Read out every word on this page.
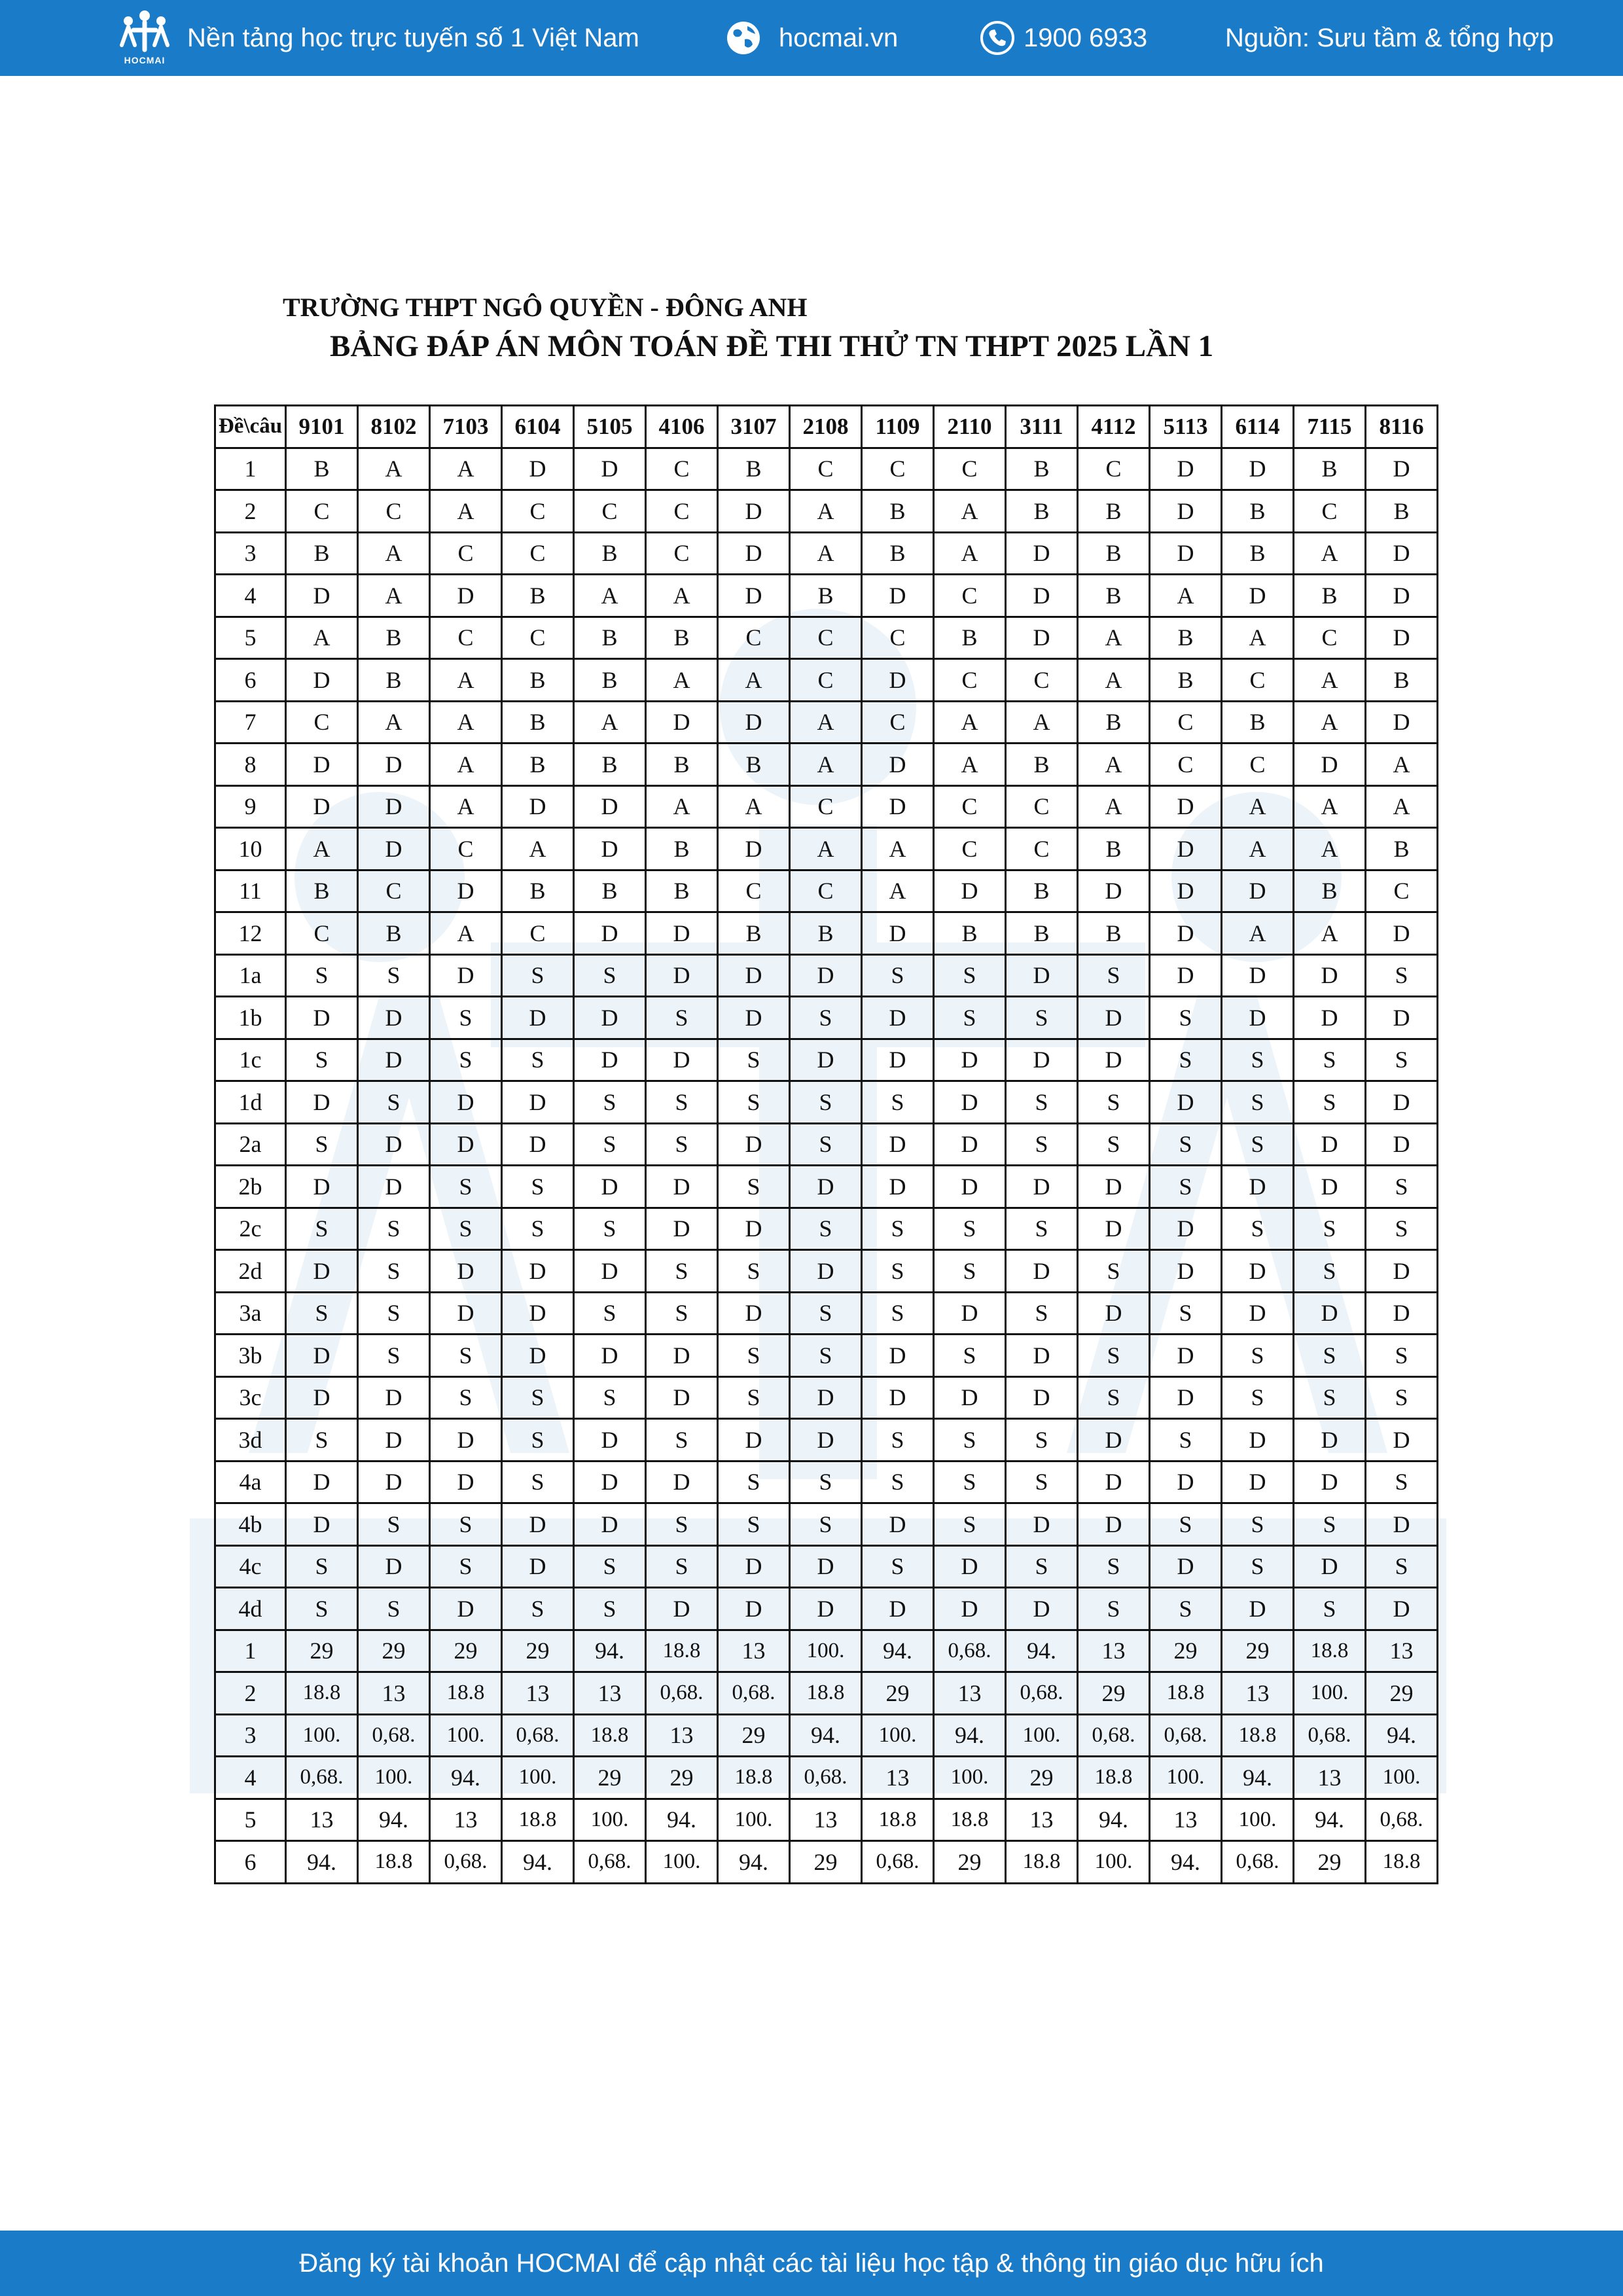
HOCMAI
Nền tảng học trực tuyến số 1 Việt Nam	hocmai.vn	1900 6933	Nguồn: Sưu tầm & tổng hợp
TRƯỜNG THPT NGÔ QUYỀN - ĐÔNG ANH
BẢNG ĐÁP ÁN MÔN TOÁN ĐỀ THI THỬ TN THPT 2025 LẦN 1
Đề\câu	9101	8102	7103	6104	5105	4106	3107	2108	1109	2110	3111	4112	5113	6114	7115	8116
1	B	A	A	D	D	C	B	C	C	C	B	C	D	D	B	D
2	C	C	A	C	C	C	D	A	B	A	B	B	D	B	C	B
3	B	A	C	C	B	C	D	A	B	A	D	B	D	B	A	D
4	D	A	D	B	A	A	D	B	D	C	D	B	A	D	B	D
5	A	B	C	C	B	B	C	C	C	B	D	A	B	A	C	D
6	D	B	A	B	B	A	A	C	D	C	C	A	B	C	A	B
7	C	A	A	B	A	D	D	A	C	A	A	B	C	B	A	D
8	D	D	A	B	B	B	B	A	D	A	B	A	C	C	D	A
9	D	D	A	D	D	A	A	C	D	C	C	A	D	A	A	A
10	A	D	C	A	D	B	D	A	A	C	C	B	D	A	A	B
11	B	C	D	B	B	B	C	C	A	D	B	D	D	D	B	C
12	C	B	A	C	D	D	B	B	D	B	B	B	D	A	A	D
1a	S	S	D	S	S	D	D	D	S	S	D	S	D	D	D	S
1b	D	D	S	D	D	S	D	S	D	S	S	D	S	D	D	D
1c	S	D	S	S	D	D	S	D	D	D	D	D	S	S	S	S
1d	D	S	D	D	S	S	S	S	S	D	S	S	D	S	S	D
2a	S	D	D	D	S	S	D	S	D	D	S	S	S	S	D	D
2b	D	D	S	S	D	D	S	D	D	D	D	D	S	D	D	S
2c	S	S	S	S	S	D	D	S	S	S	S	D	D	S	S	S
2d	D	S	D	D	D	S	S	D	S	S	D	S	D	D	S	D
3a	S	S	D	D	S	S	D	S	S	D	S	D	S	D	D	D
3b	D	S	S	D	D	D	S	S	D	S	D	S	D	S	S	S
3c	D	D	S	S	S	D	S	D	D	D	D	S	D	S	S	S
3d	S	D	D	S	D	S	D	D	S	S	S	D	S	D	D	D
4a	D	D	D	S	D	D	S	S	S	S	S	D	D	D	D	S
4b	D	S	S	D	D	S	S	S	D	S	D	D	S	S	S	D
4c	S	D	S	D	S	S	D	D	S	D	S	S	D	S	D	S
4d	S	S	D	S	S	D	D	D	D	D	D	S	S	D	S	D
1	29	29	29	29	94.	18.8	13	100.	94.	0,68.	94.	13	29	29	18.8	13
2	18.8	13	18.8	13	13	0,68.	0,68.	18.8	29	13	0,68.	29	18.8	13	100.	29
3	100.	0,68.	100.	0,68.	18.8	13	29	94.	100.	94.	100.	0,68.	0,68.	18.8	0,68.	94.
4	0,68.	100.	94.	100.	29	29	18.8	0,68.	13	100.	29	18.8	100.	94.	13	100.
5	13	94.	13	18.8	100.	94.	100.	13	18.8	18.8	13	94.	13	100.	94.	0,68.
6	94.	18.8	0,68.	94.	0,68.	100.	94.	29	0,68.	29	18.8	100.	94.	0,68.	29	18.8
Đăng ký tài khoản HOCMAI để cập nhật các tài liệu học tập & thông tin giáo dục hữu ích
